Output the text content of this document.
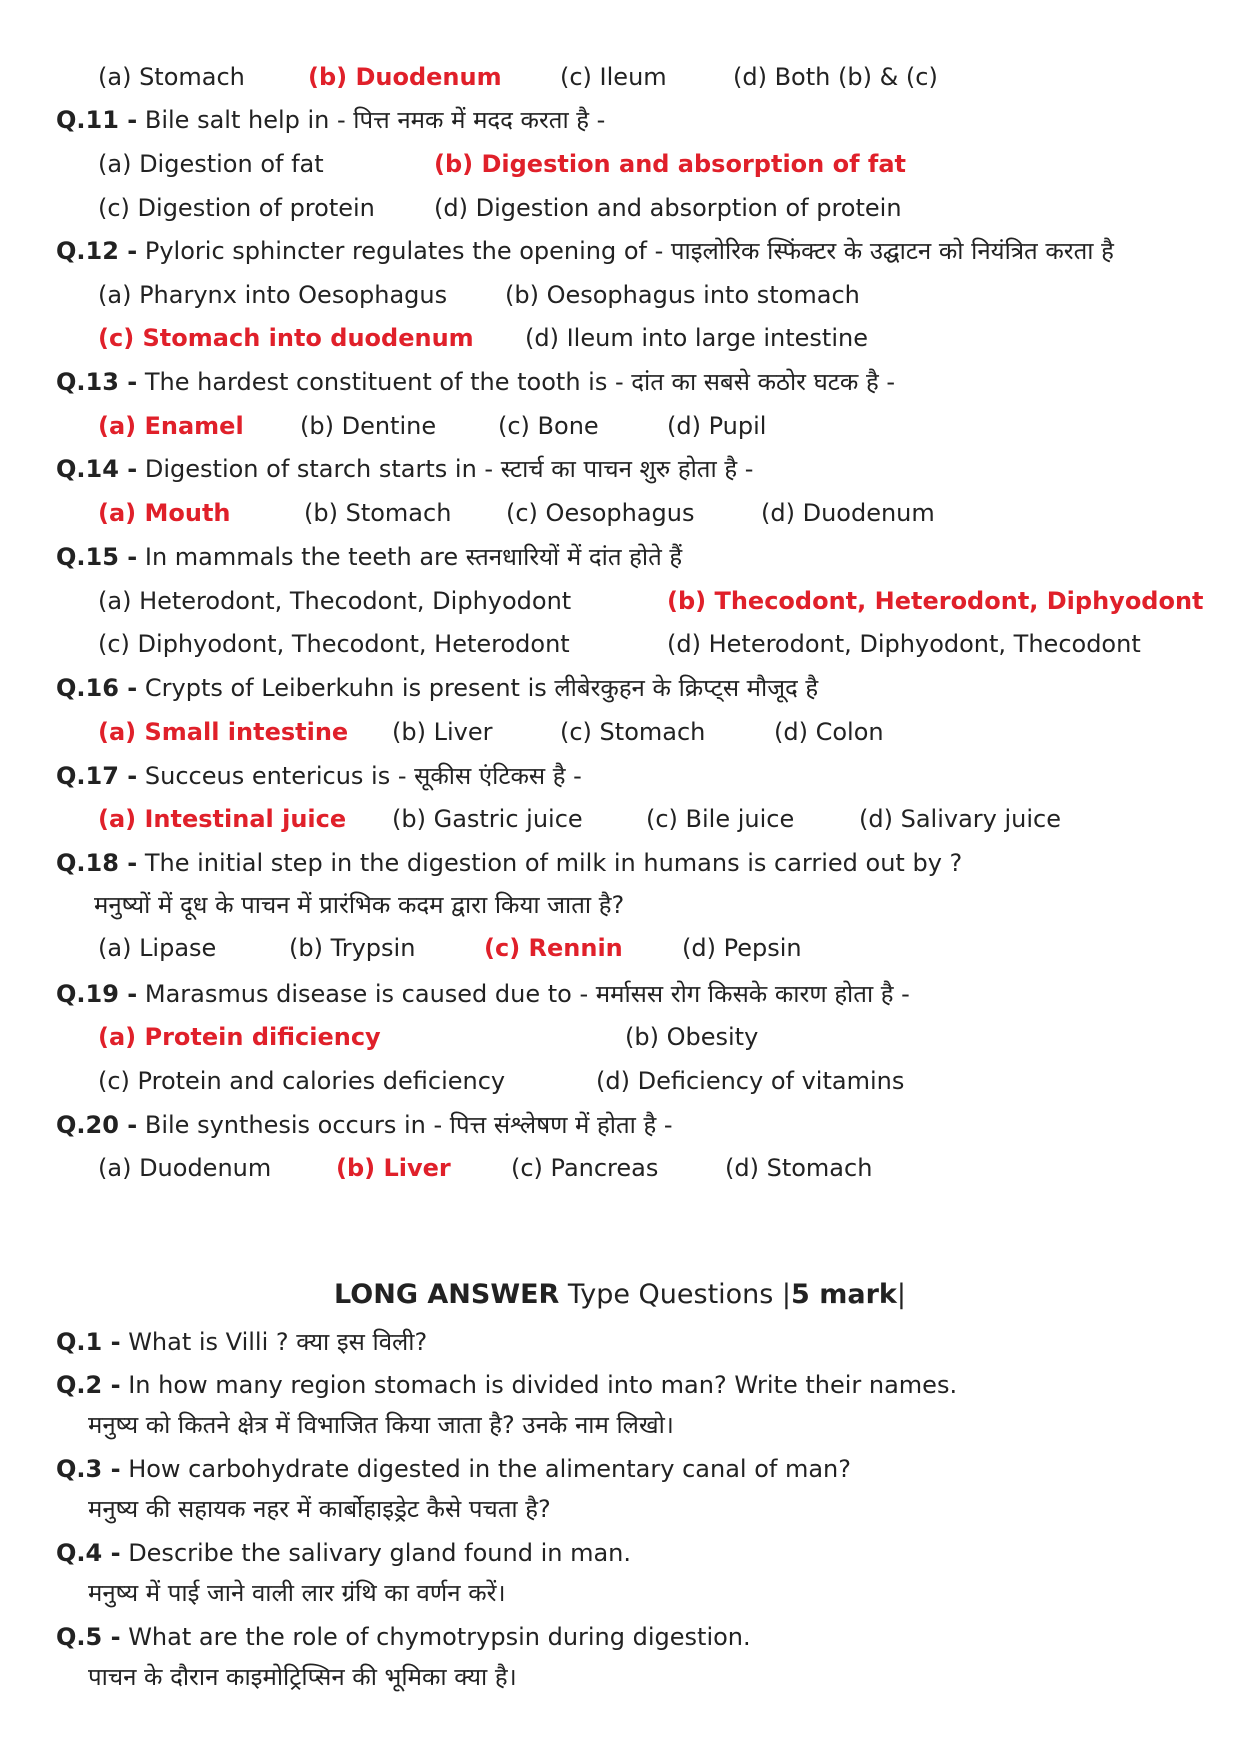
(a) Stomach	(b) Duodenum (c) Ileum	(d) Both (b) & (c)
Q.11 - Bile salt help in - पित्त नमक में मदद करता है -
(a) Digestion of fat	(b) Digestion and absorption of fat
(c) Digestion of protein (d) Digestion and absorption of protein
Q.12 - Pyloric sphincter regulates the opening of - पाइलोरिक स्फिंक्टर के उद्घाटन को नियंत्रित करता है
(a) Pharynx into Oesophagus (b) Oesophagus into stomach
(c) Stomach into duodenum (d) Ileum into large intestine
Q.13 - The hardest constituent of the tooth is - दांत का सबसे कठोर घटक है -
(a) Enamel (b) Dentine	(c) Bone	(d) Pupil
Q.14 - Digestion of starch starts in - स्टार्च का पाचन शुरु होता है -
(a) Mouth	(b) Stomach (c) Oesophagus	(d) Duodenum
Q.15 - In mammals the teeth are स्तनधारियों में दांत होते हैं
(a) Heterodont, Thecodont, Diphyodont	(b) Thecodont, Heterodont, Diphyodont
(c) Diphyodont, Thecodont, Heterodont	(d) Heterodont, Diphyodont, Thecodont
Q.16 - Crypts of Leiberkuhn is present is लीबेरकुहन के क्रिप्ट्स मौजूद है
(a) Small intestine (b) Liver	(c) Stomach	(d) Colon
Q.17 - Succeus entericus is - सूकीस एंटिकस है -
(a) Intestinal juice (b) Gastric juice	(c) Bile juice	(d) Salivary juice
Q.18 - The initial step in the digestion of milk in humans is carried out by ?
मनुष्यों में दूध के पाचन में प्रारंभिक कदम द्वारा किया जाता है?
(a) Lipase	(b) Trypsin	(c) Rennin (d) Pepsin
Q.19 - Marasmus disease is caused due to - मर्मासस रोग किसके कारण होता है -
(a) Protein dificiency	(b) Obesity
(c) Protein and calories deficiency	(d) Deficiency of vitamins
Q.20 - Bile synthesis occurs in - पित्त संश्लेषण में होता है -
(a) Duodenum	(b) Liver	(c) Pancreas	(d) Stomach
LONG ANSWER Type Questions |5 mark|
Q.1 - What is Villi ? क्या इस विली?
Q.2 - In how many region stomach is divided into man? Write their names.
मनुष्य को कितने क्षेत्र में विभाजित किया जाता है? उनके नाम लिखो।
Q.3 - How carbohydrate digested in the alimentary canal of man?
मनुष्य की सहायक नहर में कार्बोहाइड्रेट कैसे पचता है?
Q.4 - Describe the salivary gland found in man.
मनुष्य में पाई जाने वाली लार ग्रंथि का वर्णन करें।
Q.5 - What are the role of chymotrypsin during digestion.
पाचन के दौरान काइमोट्रिप्सिन की भूमिका क्या है।
